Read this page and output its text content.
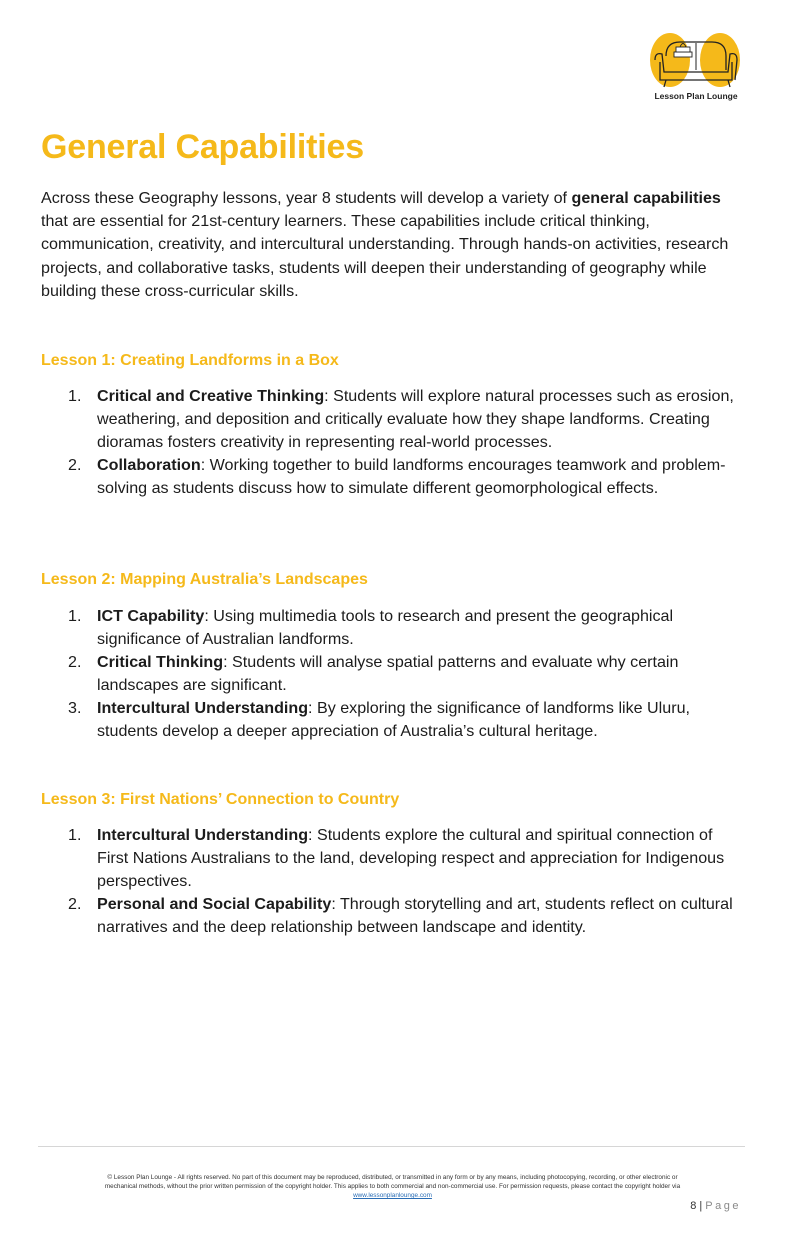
Lesson Plan Lounge
General Capabilities

Across these Geography lessons, year 8 students will develop a variety of general capabilities that are essential for 21st-century learners. These capabilities include critical thinking, communication, creativity, and intercultural understanding. Through hands-on activities, research projects, and collaborative tasks, students will deepen their understanding of geography while building these cross-curricular skills.

Lesson 1: Creating Landforms in a Box
1. Critical and Creative Thinking: Students will explore natural processes such as erosion, weathering, and deposition and critically evaluate how they shape landforms. Creating dioramas fosters creativity in representing real-world processes.
2. Collaboration: Working together to build landforms encourages teamwork and problem-solving as students discuss how to simulate different geomorphological effects.
Lesson 2: Mapping Australia’s Landscapes
1. ICT Capability: Using multimedia tools to research and present the geographical significance of Australian landforms.
2. Critical Thinking: Students will analyse spatial patterns and evaluate why certain landscapes are significant.
3. Intercultural Understanding: By exploring the significance of landforms like Uluru, students develop a deeper appreciation of Australia’s cultural heritage.
Lesson 3: First Nations’ Connection to Country
1. Intercultural Understanding: Students explore the cultural and spiritual connection of First Nations Australians to the land, developing respect and appreciation for Indigenous perspectives.
2. Personal and Social Capability: Through storytelling and art, students reflect on cultural narratives and the deep relationship between landscape and identity.
© Lesson Plan Lounge - All rights reserved. No part of this document may be reproduced, distributed, or transmitted in any form or by any means, including photocopying, recording, or other electronic or
mechanical methods, without the prior written permission of the copyright holder. This applies to both commercial and non-commercial use. For permission requests, please contact the copyright holder via
www.lessonplanlounge.com
8 | Page
